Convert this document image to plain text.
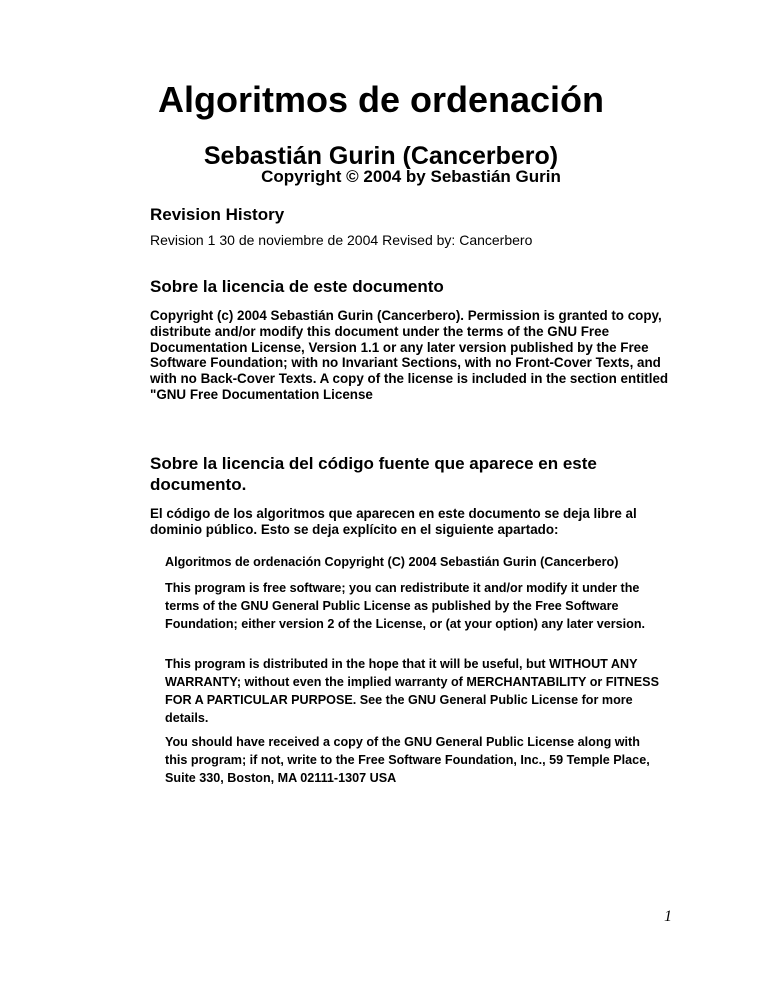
Algoritmos de ordenación
Sebastián Gurin (Cancerbero)

Copyright © 2004 by Sebastián Gurin

Revision History

Revision 1 30 de noviembre de 2004 Revised by: Cancerbero

Sobre la licencia de este documento

Copyright (c) 2004 Sebastián Gurin (Cancerbero). Permission is granted to copy, distribute and/or modify this document under the terms of the GNU Free Documentation License, Version 1.1 or any later version published by the Free Software Foundation; with no Invariant Sections, with no Front-Cover Texts, and with no Back-Cover Texts. A copy of the license is included in the section entitled "GNU Free Documentation License

Sobre la licencia del código fuente que aparece en este documento.

El código de los algoritmos que aparecen en este documento se deja libre al dominio público. Esto se deja explícito en el siguiente apartado:

Algoritmos de ordenación Copyright (C) 2004 Sebastián Gurin (Cancerbero)

This program is free software; you can redistribute it and/or modify it under the terms of the GNU General Public License as published by the Free Software Foundation; either version 2 of the License, or (at your option) any later version.

This program is distributed in the hope that it will be useful, but WITHOUT ANY WARRANTY; without even the implied warranty of MERCHANTABILITY or FITNESS FOR A PARTICULAR PURPOSE. See the GNU General Public License for more details.

You should have received a copy of the GNU General Public License along with this program; if not, write to the Free Software Foundation, Inc., 59 Temple Place, Suite 330, Boston, MA 02111-1307 USA

1
